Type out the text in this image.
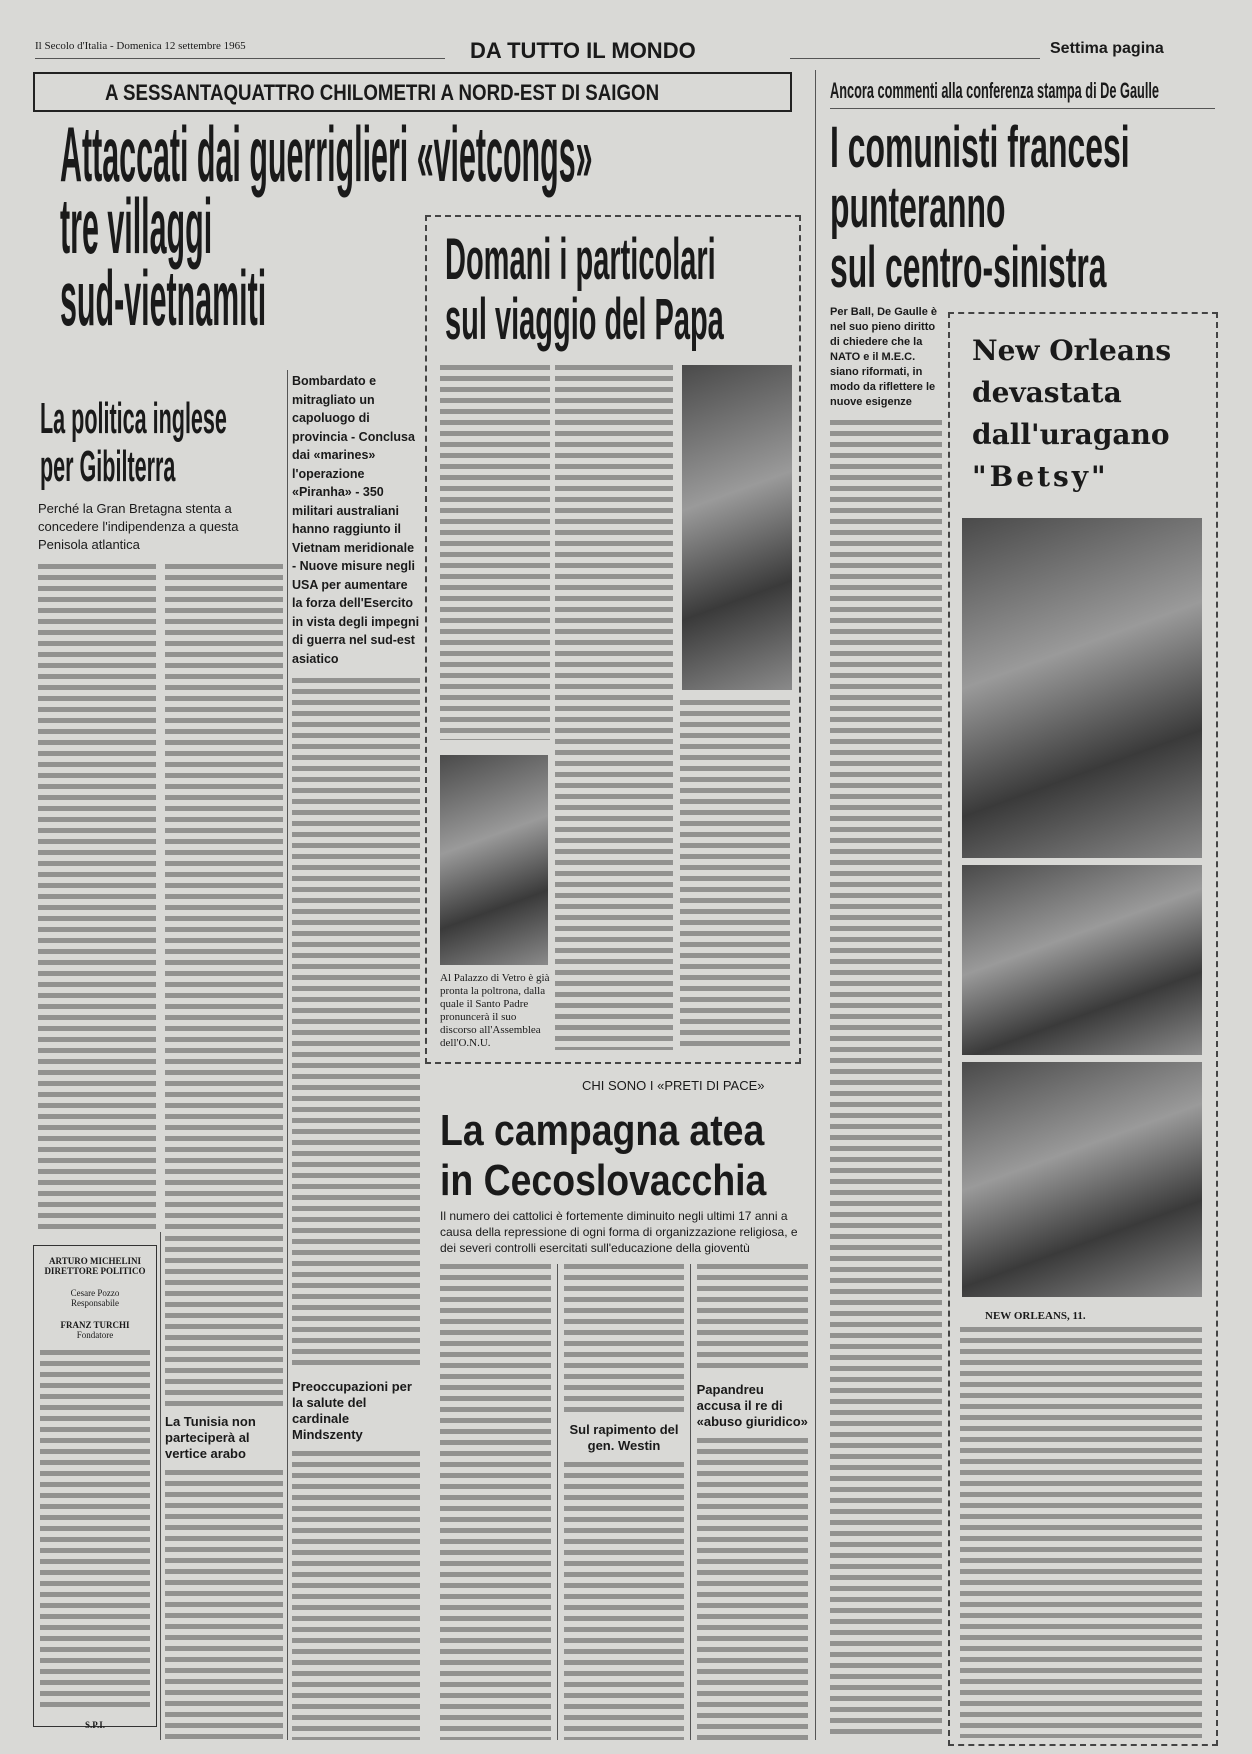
Il Secolo d'Italia - Domenica 12 settembre 1965	DA TUTTO IL MONDO	Settima pagina
A SESSANTAQUATTRO CHILOMETRI A NORD-EST DI SAIGON
Attaccati dai guerriglieri «vietcongs»
tre villaggi
sud-vietnamiti
La politica inglese
per Gibilterra
Perché la Gran Bretagna stenta a concedere l'indipendenza a questa Penisola atlantica
La Tunisia non parteciperà al vertice arabo
Bombardato e mitragliato un capoluogo di provincia - Conclusa dai «marines» l'operazione «Piranha» - 350 militari australiani hanno raggiunto il Vietnam meridionale - Nuove misure negli USA per aumentare la forza dell'Esercito in vista degli impegni di guerra nel sud-est asiatico
Preoccupazioni per la salute del cardinale Mindszenty
ARTURO MICHELINI
DIRETTORE POLITICO
Cesare Pozzo
Responsabile
FRANZ TURCHI
Fondatore
S.P.I.
Domani i particolari
sul viaggio del Papa
Al Palazzo di Vetro è già pronta la poltrona, dalla quale il Santo Padre pronuncerà il suo discorso all'Assemblea dell'O.N.U.
CHI SONO I «PRETI DI PACE»
La campagna atea
in Cecoslovacchia
Il numero dei cattolici è fortemente diminuito negli ultimi 17 anni a causa della repressione di ogni forma di organizzazione religiosa, e dei severi controlli esercitati sull'educazione della gioventù
Sul rapimento del gen. Westin
Papandreu accusa il re di «abuso giuridico»
Ancora commenti alla conferenza stampa di De Gaulle
I comunisti francesi
punteranno
sul centro-sinistra
Per Ball, De Gaulle è nel suo pieno diritto di chiedere che la NATO e il M.E.C. siano riformati, in modo da riflettere le nuove esigenze
New Orleans
devastata
dall'uragano
"Betsy"
NEW ORLEANS, 11.
